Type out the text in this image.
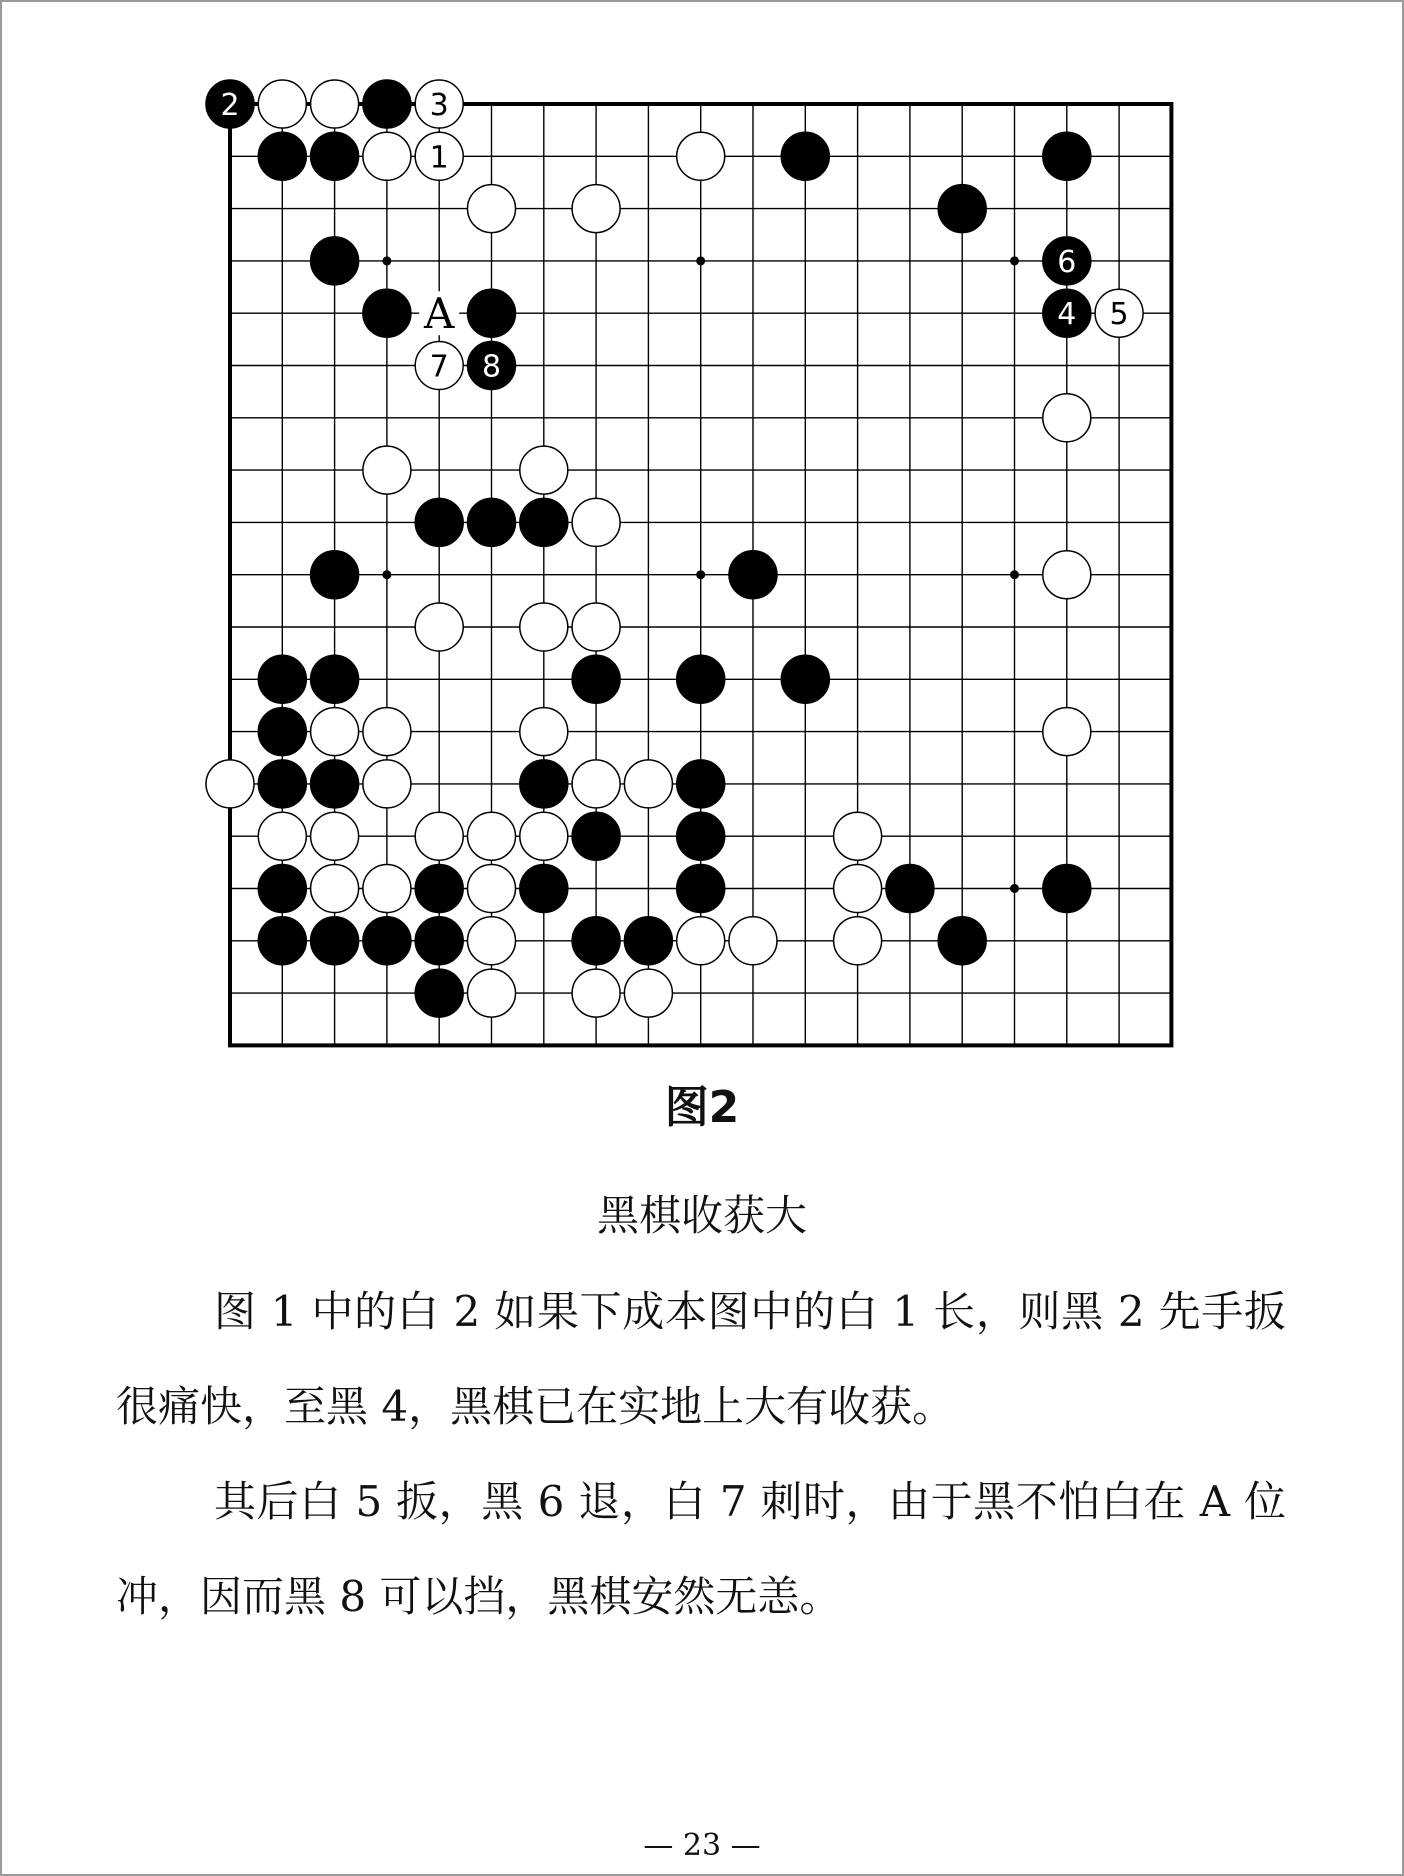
1
2	3
4 5
6
7 8
A
图2
黑棋收获大

图 1 中的白 2 如果下成本图中的白 1 长，则黑 2 先手扳很痛快，至黑 4，黑棋已在实地上大有收获。

其后白 5 扳，黑 6 退，白 7 刺时，由于黑不怕白在 A 位冲，因而黑 8 可以挡，黑棋安然无恙。

— 23 —
